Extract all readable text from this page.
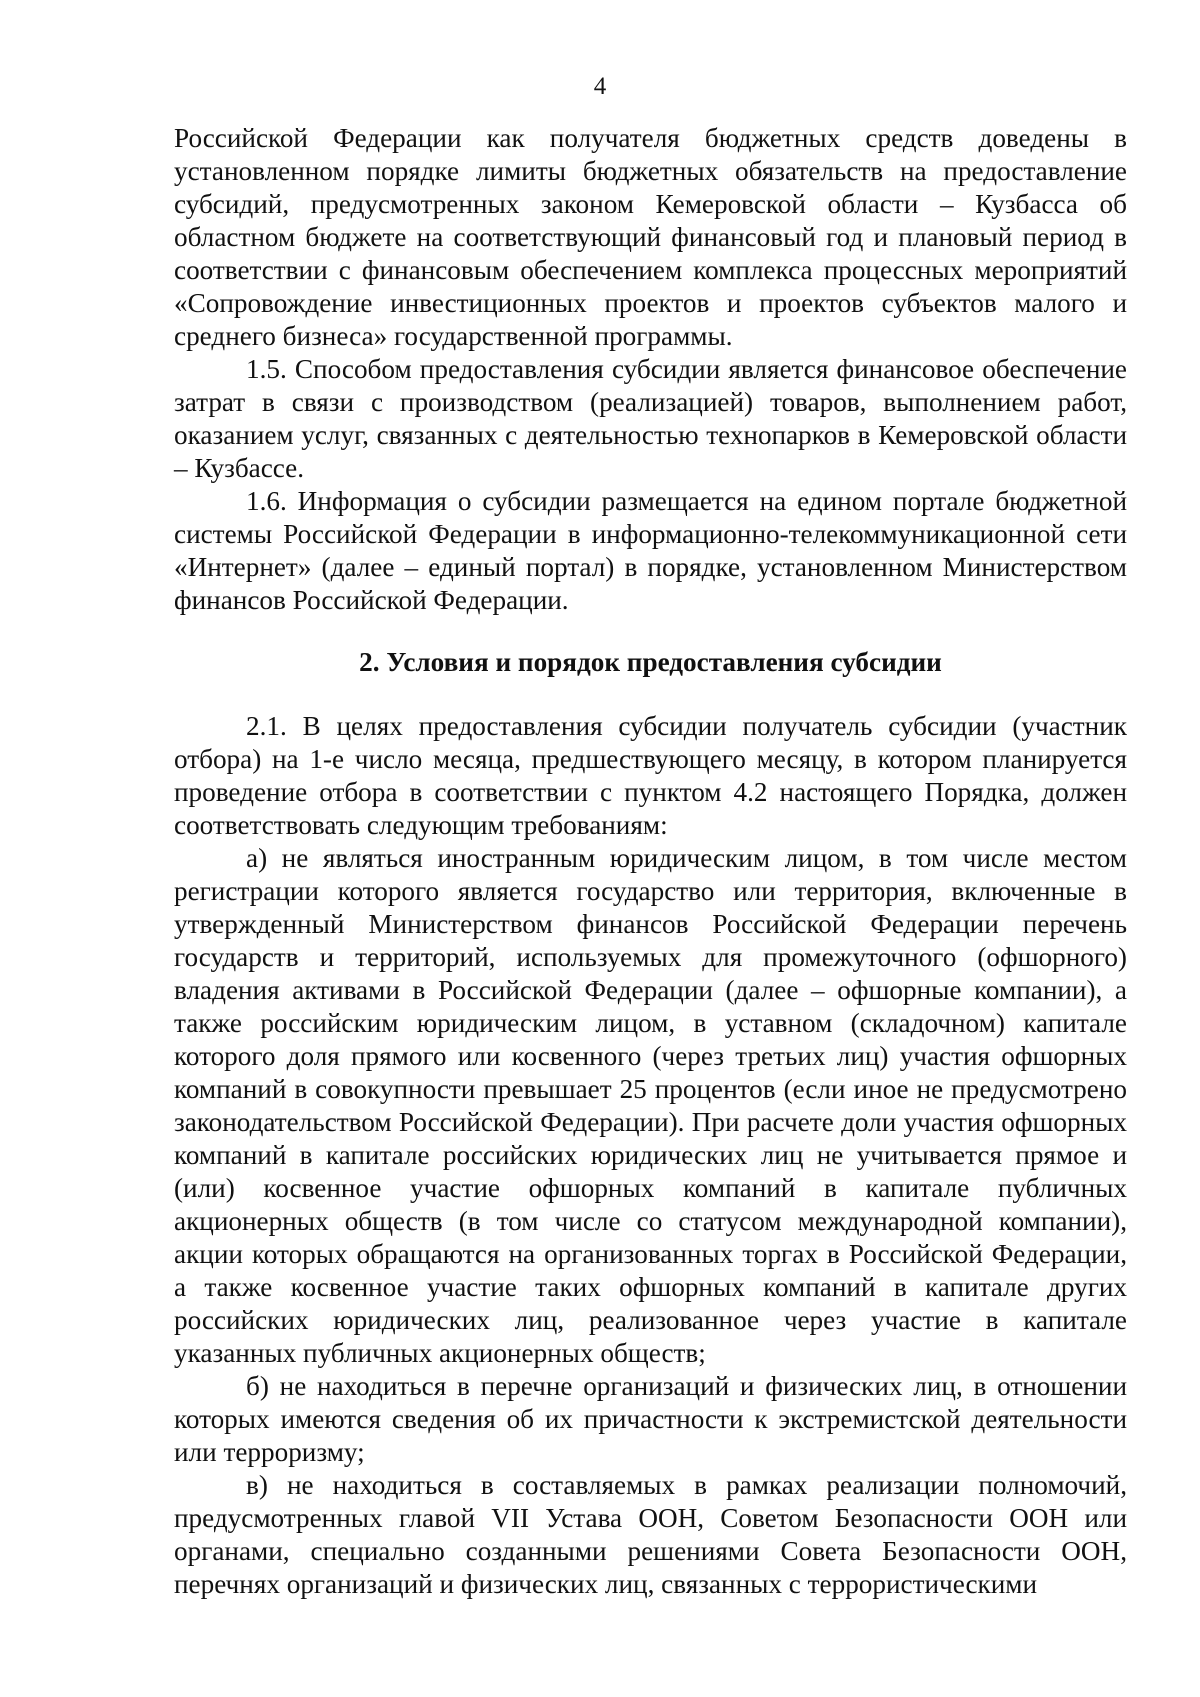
4

Российской Федерации как получателя бюджетных средств доведены в установленном порядке лимиты бюджетных обязательств на предоставление субсидий, предусмотренных законом Кемеровской области – Кузбасса об областном бюджете на соответствующий финансовый год и плановый период в соответствии с финансовым обеспечением комплекса процессных мероприятий «Сопровождение инвестиционных проектов и проектов субъектов малого и среднего бизнеса» государственной программы.

1.5. Способом предоставления субсидии является финансовое обеспечение затрат в связи с производством (реализацией) товаров, выполнением работ, оказанием услуг, связанных с деятельностью технопарков в Кемеровской области – Кузбассе.

1.6. Информация о субсидии размещается на едином портале бюджетной системы Российской Федерации в информационно-телекоммуникационной сети «Интернет» (далее – единый портал) в порядке, установленном Министерством финансов Российской Федерации.

2. Условия и порядок предоставления субсидии

2.1. В целях предоставления субсидии получатель субсидии (участник отбора) на 1-е число месяца, предшествующего месяцу, в котором планируется проведение отбора в соответствии с пунктом 4.2 настоящего Порядка, должен соответствовать следующим требованиям:

а) не являться иностранным юридическим лицом, в том числе местом регистрации которого является государство или территория, включенные в утвержденный Министерством финансов Российской Федерации перечень государств и территорий, используемых для промежуточного (офшорного) владения активами в Российской Федерации (далее – офшорные компании), а также российским юридическим лицом, в уставном (складочном) капитале которого доля прямого или косвенного (через третьих лиц) участия офшорных компаний в совокупности превышает 25 процентов (если иное не предусмотрено законодательством Российской Федерации). При расчете доли участия офшорных компаний в капитале российских юридических лиц не учитывается прямое и (или) косвенное участие офшорных компаний в капитале публичных акционерных обществ (в том числе со статусом международной компании), акции которых обращаются на организованных торгах в Российской Федерации, а также косвенное участие таких офшорных компаний в капитале других российских юридических лиц, реализованное через участие в капитале указанных публичных акционерных обществ;

б) не находиться в перечне организаций и физических лиц, в отношении которых имеются сведения об их причастности к экстремистской деятельности или терроризму;

в) не находиться в составляемых в рамках реализации полномочий, предусмотренных главой VII Устава ООН, Советом Безопасности ООН или органами, специально созданными решениями Совета Безопасности ООН, перечнях организаций и физических лиц, связанных с террористическими
